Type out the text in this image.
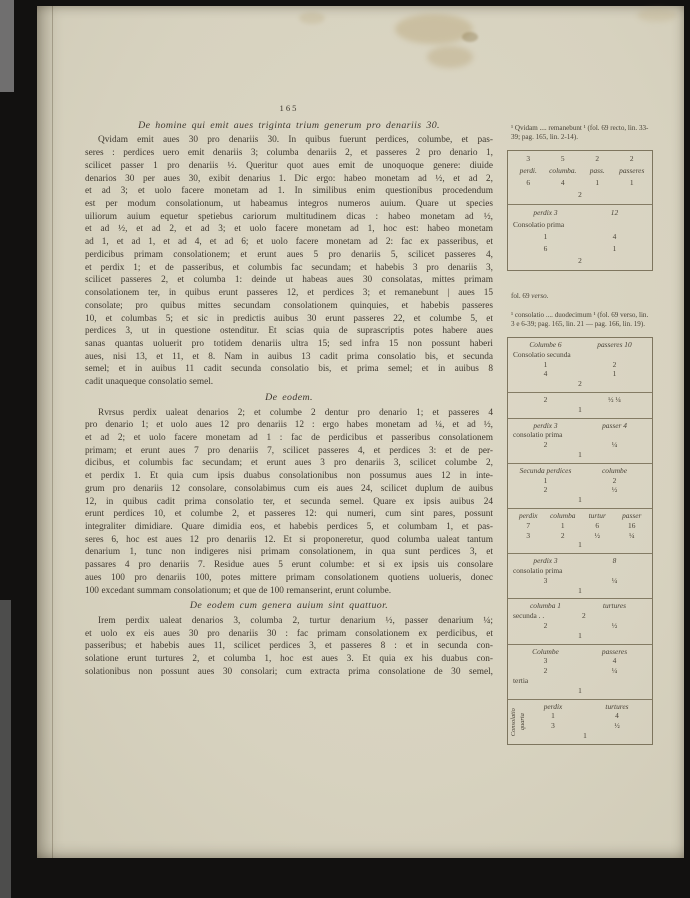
165
De homine qui emit aues triginta trium generum pro denariis 30.
Qvidam emit aues 30 pro denariis 30. In quibus fuerunt perdices, columbe, et pas-
seres : perdices uero emit denariis 3; columba denariis 2, et passeres 2 pro denario 1,
scilicet passer 1 pro denariis ½. Queritur quot aues emit de unoquoque genere: diuide
denarios 30 per aues 30, exibit denarius 1. Dic ergo: habeo monetam ad ½, et ad 2,
et ad 3; et uolo facere monetam ad 1. In similibus enim questionibus procedendum
est per modum consolationum, ut habeamus integros numeros auium. Quare ut species
uiliorum auium equetur spetiebus cariorum multitudinem dicas : habeo monetam ad ½,
et ad ½, et ad 2, et ad 3; et uolo facere monetam ad 1, hoc est: habeo monetam
ad 1, et ad 1, et ad 4, et ad 6; et uolo facere monetam ad 2: fac ex passeribus, et
perdicibus primam consolationem; et erunt aues 5 pro denariis 5, scilicet passeres 4,
et perdix 1; et de passeribus, et columbis fac secundam; et habebis 3 pro denariis 3,
scilicet passeres 2, et columba 1: deinde ut habeas aues 30 consolatas, mittes primam
consolationem ter, in quibus erunt passeres 12, et perdices 3; et remanebunt | aues 15
consolate; pro quibus mittes secundam consolationem quinquies, et habebis passeres
10, et columbas 5; et sic in predictis auibus 30 erunt passeres 22, et columbe 5, et
perdices 3, ut in questione ostenditur. Et scias quia de suprascriptis potes habere aues
sanas quantas uoluerit pro totidem denariis ultra 15; sed infra 15 non possunt haberi
aues, nisi 13, et 11, et 8. Nam in auibus 13 cadit prima consolatio bis, et secunda
semel; et in auibus 11 cadit secunda consolatio bis, et prima semel; et in auibus 8
cadit unaqueque consolatio semel.
De eodem.
Rvrsus perdix ualeat denarios 2; et columbe 2 dentur pro denario 1; et passeres 4
pro denario 1; et uolo aues 12 pro denariis 12 : ergo habes monetam ad ¼, et ad ½,
et ad 2; et uolo facere monetam ad 1 : fac de perdicibus et passeribus consolationem
primam; et erunt aues 7 pro denariis 7, scilicet passeres 4, et perdices 3: et de per-
dicibus, et columbis fac secundam; et erunt aues 3 pro denariis 3, scilicet columbe 2,
et perdix 1. Et quia cum ipsis duabus consolationibus non possumus aues 12 in inte-
grum pro denariis 12 consolare, consolabimus cum eis aues 24, scilicet duplum de auibus
12, in quibus cadit prima consolatio ter, et secunda semel. Quare ex ipsis auibus 24
erunt perdices 10, et columbe 2, et passeres 12: qui numeri, cum sint pares, possunt
integraliter dimidiare. Quare dimidia eos, et habebis perdices 5, et columbam 1, et pas-
seres 6, hoc est aues 12 pro denariis 12. Et si proponeretur, quod columba ualeat tantum
denarium 1, tunc non indigeres nisi primam consolationem, in qua sunt perdices 3, et
passares 4 pro denariis 7. Residue aues 5 erunt columbe: et si ex ipsis uis consolare
aues 100 pro denariis 100, potes mittere primam consolationem quotiens uolueris, donec
100 excedant summam consolationum; et que de 100 remanserint, erunt columbe.
De eodem cum genera auium sint quattuor.
Irem perdix ualeat denarios 3, columba 2, turtur denarium ½, passer denarium ¼;
et uolo ex eis aues 30 pro denariis 30 : fac primam consolationem ex perdicibus, et
passeribus; et habebis aues 11, scilicet perdices 3, et passeres 8 : et in secunda con-
solatione erunt turtures 2, et columba 1, hoc est aues 3. Et quia ex his duabus con-
solationibus non possunt aues 30 consolari; cum extracta prima consolatione de 30 semel,
¹ Qvidam .... remanebunt ¹ (fol. 69 recto, lin. 33-39; pag. 165, lin. 2-14).
3	5	2	2
perdi.	columba.	pass.	passeres
6	4	1	1
2
perdix 3	12
Consolatio prima
1	4
6	1
2
fol. 69 verso.
¹ consolatio .... duodecimum ¹ (fol. 69 verso, lin. 3 e 6-39; pag. 165, lin. 21 — pag. 166, lin. 19).
Columbe 6	passeres 10
Consolatio secunda
1	2
4	1
2
2	½ ¼
1
perdix 3	passer 4
consolatio prima
2	¼
1
Secunda perdices	columbe
1	2
2	½
1
perdix	columba	turtur	passer
7	1	6	16
3	2	½	¼
1
perdix 3	8
consolatio prima
3	¼
1
columba 1	turtures
secunda . .	2
2	½
1
Columbe	passeres
3	4
2	¼
tertia
1
Consolatio quarta
perdix	turtures
1	4
3	½
1
